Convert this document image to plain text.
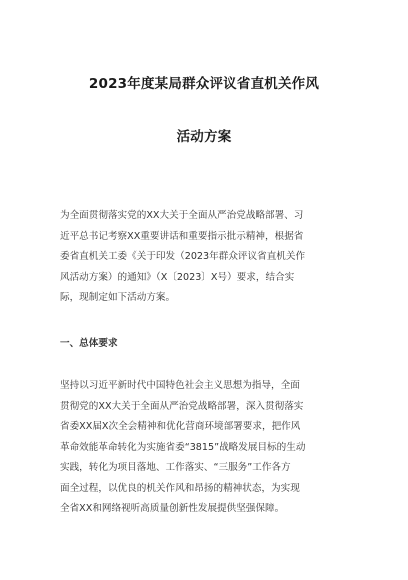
2023年度某局群众评议省直机关作风
活动方案

为全面贯彻落实党的XX大关于全面从严治党战略部署、习
近平总书记考察XX重要讲话和重要指示批示精神，根据省
委省直机关工委《关于印发（2023年群众评议省直机关作
风活动方案）的通知》（X〔2023〕X号）要求，结合实
际，现制定如下活动方案。

一、总体要求

坚持以习近平新时代中国特色社会主义思想为指导，全面
贯彻党的XX大关于全面从严治党战略部署，深入贯彻落实
省委XX届X次全会精神和优化营商环境部署要求，把作风
革命效能革命转化为实施省委“3815”战略发展目标的生动
实践，转化为项目落地、工作落实、“三服务”工作各方
面全过程，以优良的机关作风和昂扬的精神状态，为实现
全省XX和网络视听高质量创新性发展提供坚强保障。
